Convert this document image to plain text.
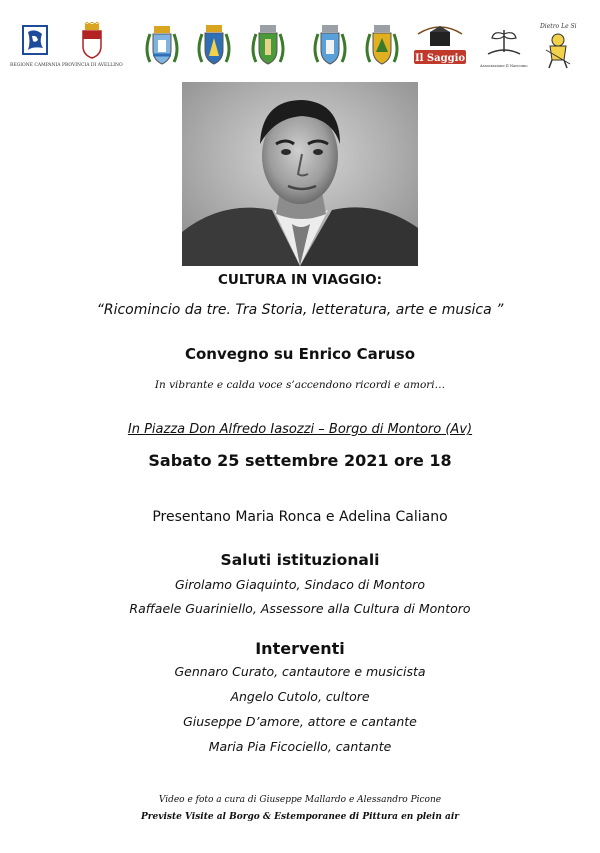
REGIONE CAMPANIA PROVINCIA DI AVELLINO
Il Saggio
Associazione Il Narcomo
Dietro Le Si
CULTURA IN VIAGGIO:
“Ricomincio da tre. Tra Storia, letteratura, arte e musica ”
Convegno su Enrico Caruso
In vibrante e calda voce s’accendono ricordi e amori…
In Piazza Don Alfredo Iasozzi – Borgo di Montoro (Av)
Sabato 25 settembre 2021 ore 18
Presentano Maria Ronca e Adelina Caliano
Saluti istituzionali
Girolamo Giaquinto, Sindaco di Montoro
Raffaele Guariniello, Assessore alla Cultura di Montoro
Interventi
Gennaro Curato, cantautore e musicista
Angelo Cutolo, cultore
Giuseppe D’amore, attore e cantante
Maria Pia Ficociello, cantante
Video e foto a cura di Giuseppe Mallardo e Alessandro Picone
Previste Visite al Borgo & Estemporanee di Pittura en plein air
